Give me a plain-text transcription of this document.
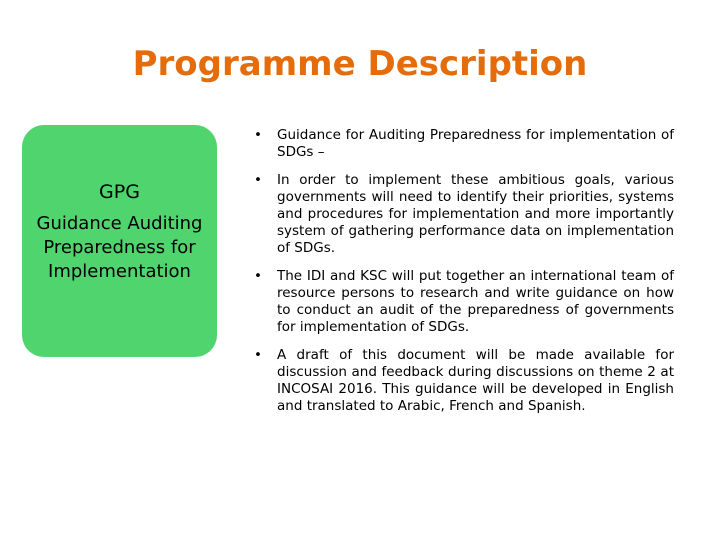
Programme Description
GPG
Guidance Auditing
Preparedness for
Implementation
•	Guidance for Auditing Preparedness for implementation of SDGs –
•	In order to implement these ambitious goals, various governments will need to identify their priorities, systems and procedures for implementation and more importantly system of gathering performance data on implementation of SDGs.
•	The IDI and KSC will put together an international team of resource persons to research and write guidance on how to conduct an audit of the preparedness of governments for implementation of SDGs.
•	A draft of this document will be made available for discussion and feedback during discussions on theme 2 at INCOSAI 2016. This guidance will be developed in English and translated to Arabic, French and Spanish.
